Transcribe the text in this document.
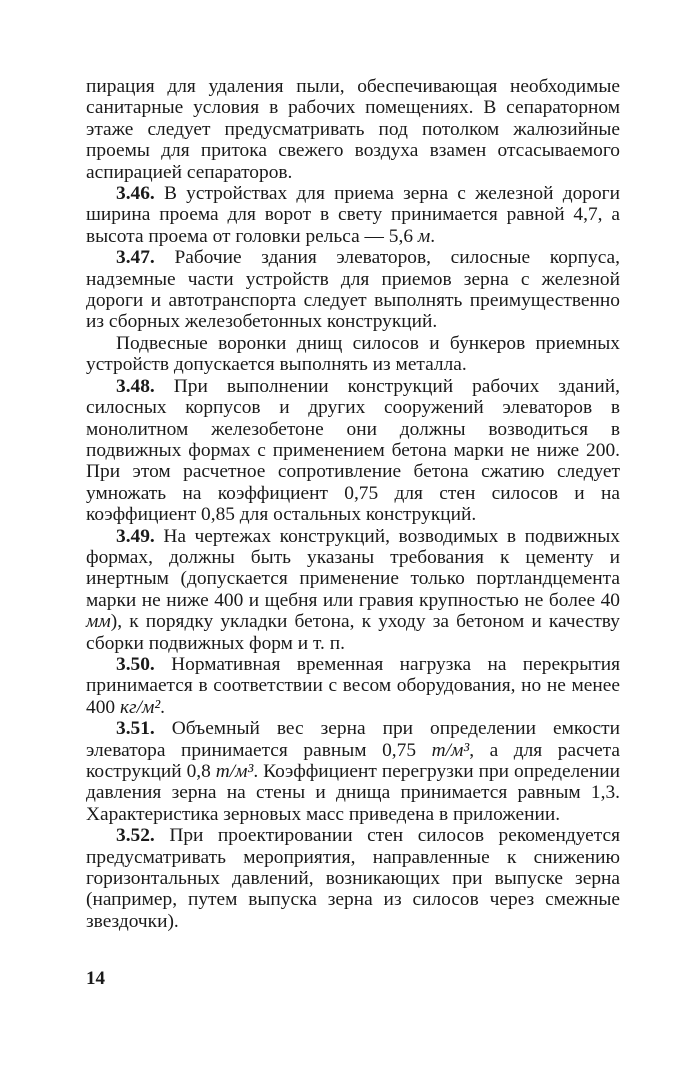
пирация для удаления пыли, обеспечивающая необходимые санитарные условия в рабочих помещениях. В сепараторном этаже следует предусматривать под потолком жалюзийные проемы для притока свежего воздуха взамен отсасываемого аспирацией сепараторов.

3.46. В устройствах для приема зерна с железной дороги ширина проема для ворот в свету принимается равной 4,7, а высота проема от головки рельса — 5,6 м.

3.47. Рабочие здания элеваторов, силосные корпуса, надземные части устройств для приемов зерна с железной дороги и автотранспорта следует выполнять преимущественно из сборных железобетонных конструкций.

Подвесные воронки днищ силосов и бункеров приемных устройств допускается выполнять из металла.

3.48. При выполнении конструкций рабочих зданий, силосных корпусов и других сооружений элеваторов в монолитном железобетоне они должны возводиться в подвижных формах с применением бетона марки не ниже 200. При этом расчетное сопротивление бетона сжатию следует умножать на коэффициент 0,75 для стен силосов и на коэффициент 0,85 для остальных конструкций.

3.49. На чертежах конструкций, возводимых в подвижных формах, должны быть указаны требования к цементу и инертным (допускается применение только портландцемента марки не ниже 400 и щебня или гравия крупностью не более 40 мм), к порядку укладки бетона, к уходу за бетоном и качеству сборки подвижных форм и т. п.

3.50. Нормативная временная нагрузка на перекрытия принимается в соответствии с весом оборудования, но не менее 400 кг/м².

3.51. Объемный вес зерна при определении емкости элеватора принимается равным 0,75 т/м³, а для расчета кострукций 0,8 т/м³. Коэффициент перегрузки при определении давления зерна на стены и днища принимается равным 1,3. Характеристика зерновых масс приведена в приложении.

3.52. При проектировании стен силосов рекомендуется предусматривать мероприятия, направленные к снижению горизонтальных давлений, возникающих при выпуске зерна (например, путем выпуска зерна из силосов через смежные звездочки).

14
